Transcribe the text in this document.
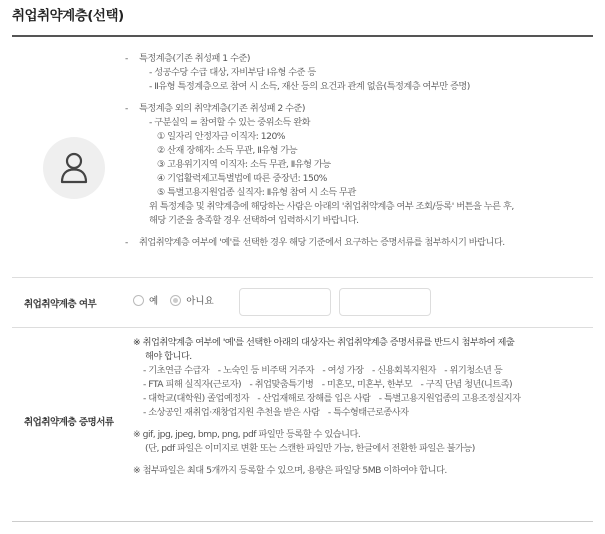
취업취약계층(선택)
-	특정계층(기존 취성패 1 수준)
- 성공수당 수급 대상, 자비부담 Ⅰ유형 수준 등
- Ⅱ유형 특정계층으로 참여 시 소득, 재산 등의 요건과 관계 없음(특정계층 여부만 증명)
-	특정계층 외의 취약계층(기존 취성패 2 수준)
- 구분실익 = 참여할 수 있는 중위소득 완화
① 일자리 안정자금 이직자: 120%
② 산재 장해자: 소득 무관, Ⅱ유형 가능
③ 고용위기지역 이직자: 소득 무관, Ⅱ유형 가능
④ 기업활력제고특별법에 따른 중장년: 150%
⑤ 특별고용지원업종 실직자: Ⅱ유형 참여 시 소득 무관
위 특정계층 및 취약계층에 해당하는 사람은 아래의 '취업취약계층 여부 조회/등록' 버튼을 누른 후,
해당 기준을 충족할 경우 선택하여 입력하시기 바랍니다.
-	취업취약계층 여부에 '예'를 선택한 경우 해당 기준에서 요구하는 증명서류를 첨부하시기 바랍니다.
취업취약계층 여부	예	아니요
취업취약계층 증명서류
※ 취업취약계층 여부에 '예'를 선택한 아래의 대상자는 취업취약계층 증명서류를 반드시 첨부하여 제출
해야 합니다.
- 기초연금 수급자 - 노숙인 등 비주택 거주자 - 여성 가장 - 신용회복지원자 - 위기청소년 등
- FTA 피해 실직자(근로자) - 취업맞춤특기병 - 미혼모, 미혼부, 한부모 - 구직 단념 청년(니트족)
- 대학교(대학원) 졸업예정자 - 산업재해로 장해를 입은 사람 - 특별고용지원업종의 고용조정실지자
- 소상공인 재취업·재창업지원 추천을 받은 사람 - 특수형태근로종사자
※ gif, jpg, jpeg, bmp, png, pdf 파일만 등록할 수 있습니다.
(단, pdf 파일은 이미지로 변환 또는 스캔한 파일만 가능, 한글에서 전환한 파일은 불가능)
※ 첨부파일은 최대 5개까지 등록할 수 있으며, 용량은 파일당 5MB 이하여야 합니다.
